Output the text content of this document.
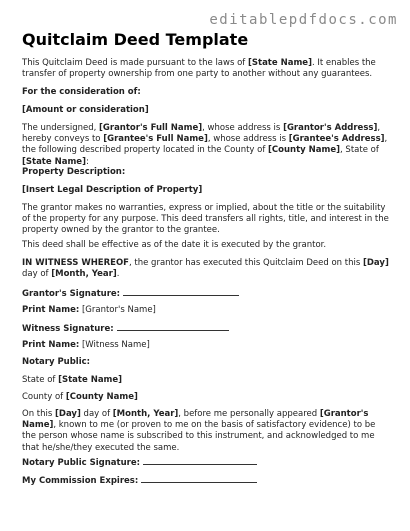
editablepdfdocs.com
Quitclaim Deed Template
This Quitclaim Deed is made pursuant to the laws of [State Name]. It enables the transfer of property ownership from one party to another without any guarantees.
For the consideration of:
[Amount or consideration]
The undersigned, [Grantor's Full Name], whose address is [Grantor's Address], hereby conveys to [Grantee's Full Name], whose address is [Grantee's Address], the following described property located in the County of [County Name], State of [State Name]:
Property Description:
[Insert Legal Description of Property]
The grantor makes no warranties, express or implied, about the title or the suitability of the property for any purpose. This deed transfers all rights, title, and interest in the property owned by the grantor to the grantee.
This deed shall be effective as of the date it is executed by the grantor.
IN WITNESS WHEREOF, the grantor has executed this Quitclaim Deed on this [Day] day of [Month, Year].
Grantor's Signature:
Print Name: [Grantor's Name]
Witness Signature:
Print Name: [Witness Name]
Notary Public:
State of [State Name]
County of [County Name]
On this [Day] day of [Month, Year], before me personally appeared [Grantor's Name], known to me (or proven to me on the basis of satisfactory evidence) to be the person whose name is subscribed to this instrument, and acknowledged to me that he/she/they executed the same.
Notary Public Signature:
My Commission Expires:
